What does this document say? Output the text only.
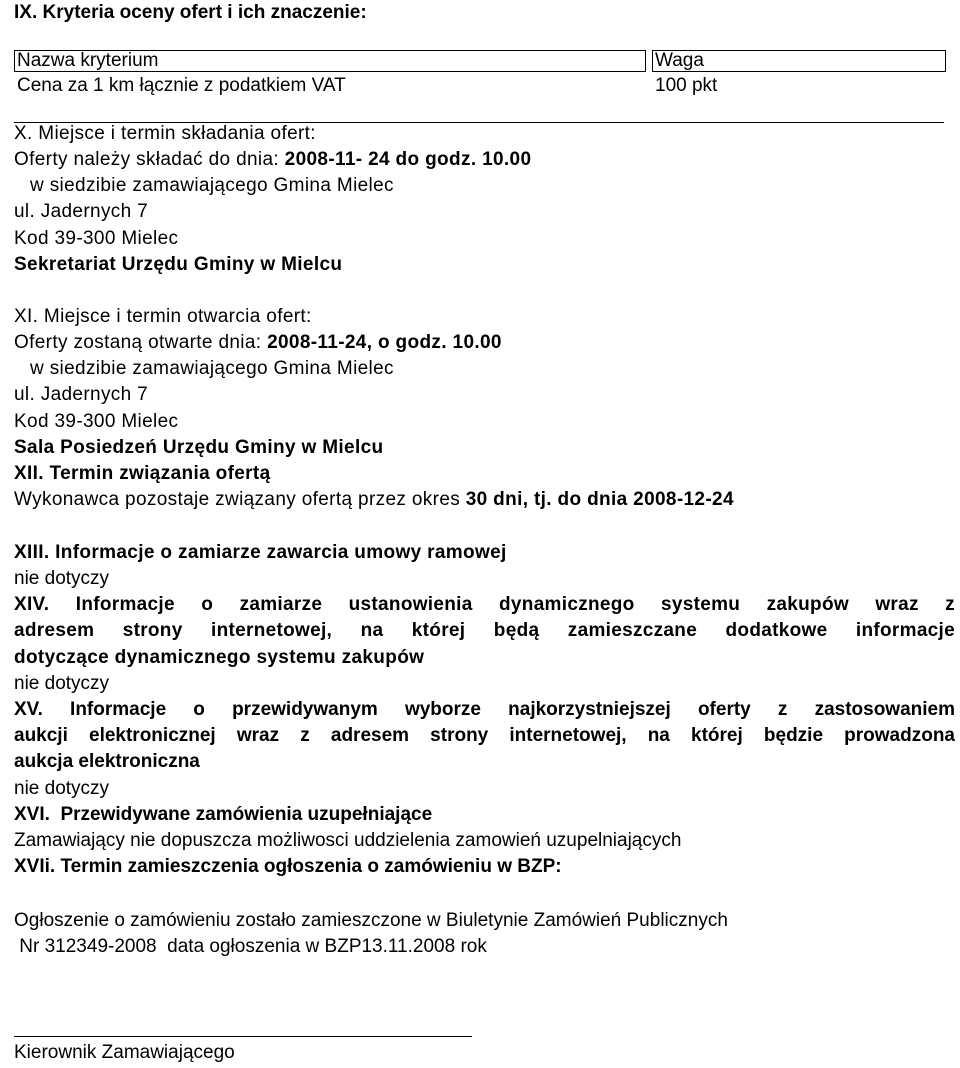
IX. Kryteria oceny ofert i ich znaczenie:
Nazwa kryterium	Waga
Cena za 1 km łącznie z podatkiem VAT	100 pkt
X. Miejsce i termin składania ofert:
Oferty należy składać do dnia: 2008-11- 24 do godz. 10.00
w siedzibie zamawiającego Gmina Mielec
ul. Jadernych 7
Kod 39-300 Mielec
Sekretariat Urzędu Gminy w Mielcu
XI. Miejsce i termin otwarcia ofert:
Oferty zostaną otwarte dnia: 2008-11-24, o godz. 10.00
w siedzibie zamawiającego Gmina Mielec
ul. Jadernych 7
Kod 39-300 Mielec
Sala Posiedzeń Urzędu Gminy w Mielcu
XII. Termin związania ofertą
Wykonawca pozostaje związany ofertą przez okres 30 dni, tj. do dnia 2008-12-24
XIII. Informacje o zamiarze zawarcia umowy ramowej
nie dotyczy
XIV. Informacje o zamiarze ustanowienia dynamicznego systemu zakupów wraz z
adresem strony internetowej, na której będą zamieszczane dodatkowe informacje
dotyczące dynamicznego systemu zakupów
nie dotyczy
XV. Informacje o przewidywanym wyborze najkorzystniejszej oferty z zastosowaniem
aukcji elektronicznej wraz z adresem strony internetowej, na której będzie prowadzona
aukcja elektroniczna
nie dotyczy
XVI.  Przewidywane zamówienia uzupełniające
Zamawiający nie dopuszcza możliwosci uddzielenia zamowień uzupelniających
XVIi. Termin zamieszczenia ogłoszenia o zamówieniu w BZP:
Ogłoszenie o zamówieniu zostało zamieszczone w Biuletynie Zamówień Publicznych
Nr 312349-2008  data ogłoszenia w BZP13.11.2008 rok
Kierownik Zamawiającego
